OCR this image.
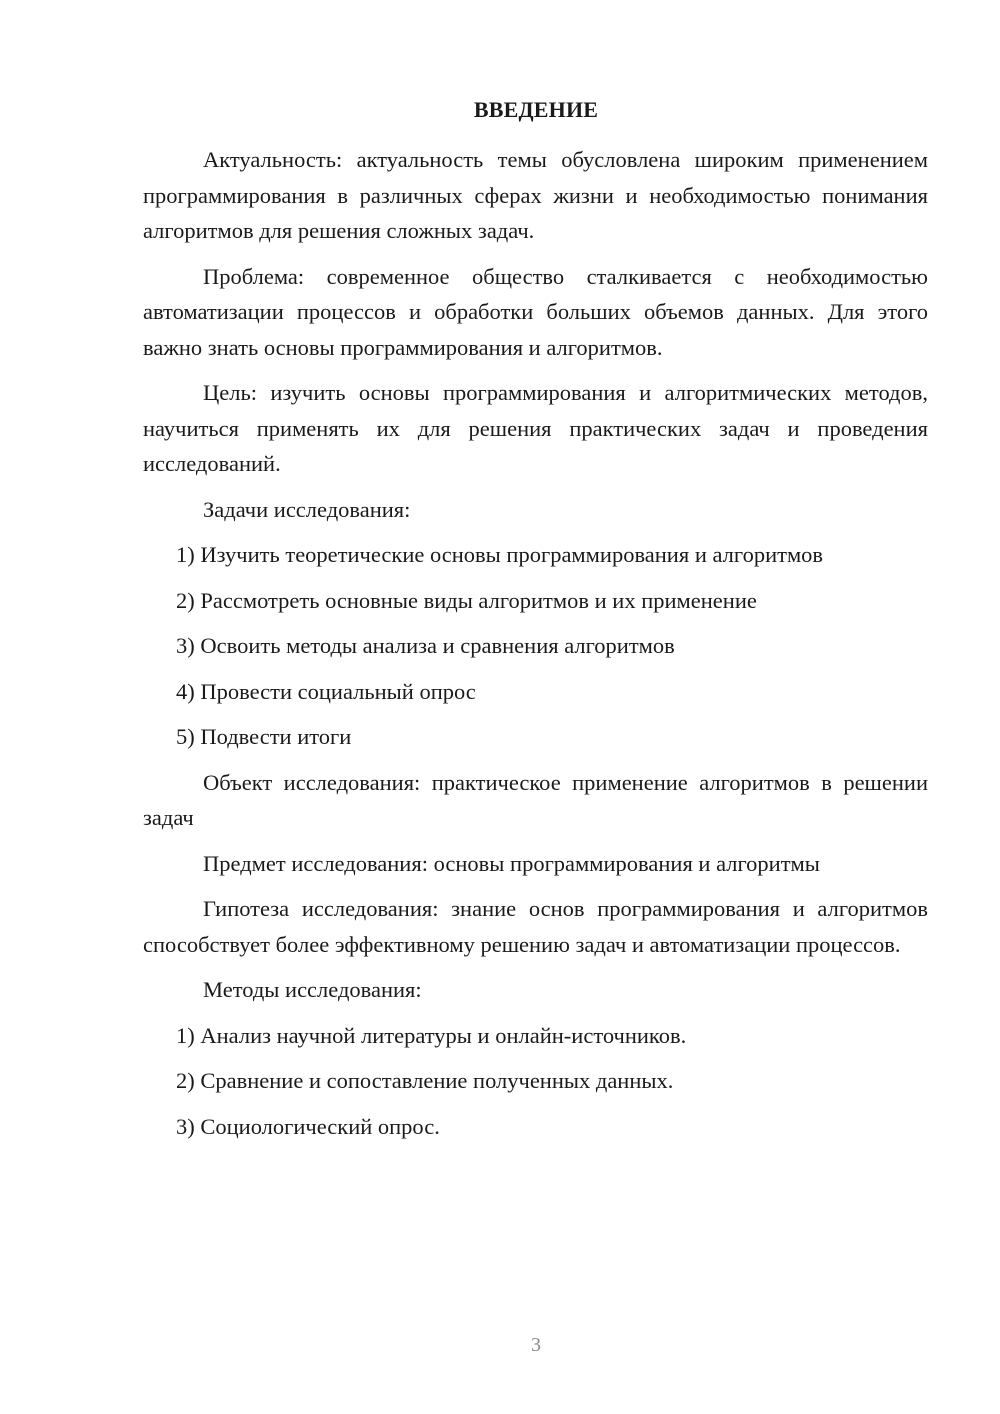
ВВЕДЕНИЕ

Актуальность: актуальность темы обусловлена широким применением программирования в различных сферах жизни и необходимостью понимания алгоритмов для решения сложных задач.

Проблема: современное общество сталкивается с необходимостью автоматизации процессов и обработки больших объемов данных. Для этого важно знать основы программирования и алгоритмов.

Цель: изучить основы программирования и алгоритмических методов, научиться применять их для решения практических задач и проведения исследований.

Задачи исследования:

1) Изучить теоретические основы программирования и алгоритмов
2) Рассмотреть основные виды алгоритмов и их применение
3) Освоить методы анализа и сравнения алгоритмов
4) Провести социальный опрос
5) Подвести итоги

Объект исследования: практическое применение алгоритмов в решении задач

Предмет исследования: основы программирования и алгоритмы

Гипотеза исследования: знание основ программирования и алгоритмов способствует более эффективному решению задач и автоматизации процессов.

Методы исследования:

1) Анализ научной литературы и онлайн-источников.
2) Сравнение и сопоставление полученных данных.
3) Социологический опрос.
3
